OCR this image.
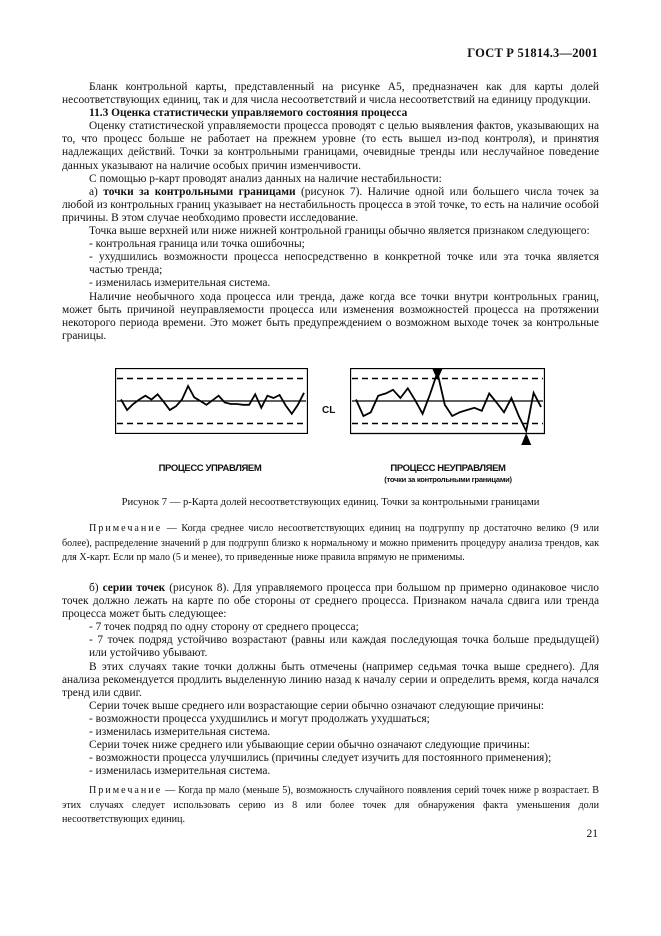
ГОСТ Р 51814.3—2001

Бланк контрольной карты, представленный на рисунке А5, предназначен как для карты долей несоответствующих единиц, так и для числа несоответствий и числа несоответствий на единицу продукции.

11.3 Оценка статистически управляемого состояния процесса

Оценку статистической управляемости процесса проводят с целью выявления фактов, указывающих на то, что процесс больше не работает на прежнем уровне (то есть вышел из-под контроля), и принятия надлежащих действий. Точки за контрольными границами, очевидные тренды или неслучайное поведение данных указывают на наличие особых причин изменчивости.

С помощью p-карт проводят анализ данных на наличие нестабильности:

а) точки за контрольными границами (рисунок 7). Наличие одной или большего числа точек за любой из контрольных границ указывает на нестабильность процесса в этой точке, то есть на наличие особой причины. В этом случае необходимо провести исследование.

Точка выше верхней или ниже нижней контрольной границы обычно является признаком следующего:

- контрольная граница или точка ошибочны;

- ухудшились возможности процесса непосредственно в конкретной точке или эта точка является частью тренда;

- изменилась измерительная система.

Наличие необычного хода процесса или тренда, даже когда все точки внутри контрольных границ, может быть причиной неуправляемости процесса или изменения возможностей процесса на протяжении некоторого периода времени. Это может быть предупреждением о возможном выходе точек за контрольные границы.

CL
ПРОЦЕСС УПРАВЛЯЕМ	ПРОЦЕСС НЕУПРАВЛЯЕМ
(точки за контрольными границами)
Рисунок 7 — p-Карта долей несоответствующих единиц. Точки за контрольными границами

Примечание — Когда среднее число несоответствующих единиц на подгруппу np достаточно велико (9 или более), распределение значений p для подгрупп близко к нормальному и можно применить процедуру анализа трендов, как для X-карт. Если np мало (5 и менее), то приведенные ниже правила впрямую не применимы.

б) серии точек (рисунок 8). Для управляемого процесса при большом np примерно одинаковое число точек должно лежать на карте по обе стороны от среднего процесса. Признаком начала сдвига или тренда процесса может быть следующее:

- 7 точек подряд по одну сторону от среднего процесса;

- 7 точек подряд устойчиво возрастают (равны или каждая последующая точка больше предыдущей) или устойчиво убывают.

В этих случаях такие точки должны быть отмечены (например седьмая точка выше среднего). Для анализа рекомендуется продлить выделенную линию назад к началу серии и определить время, когда начался тренд или сдвиг.

Серии точек выше среднего или возрастающие серии обычно означают следующие причины:

- возможности процесса ухудшились и могут продолжать ухудшаться;

- изменилась измерительная система.

Серии точек ниже среднего или убывающие серии обычно означают следующие причины:

- возможности процесса улучшились (причины следует изучить для постоянного применения);

- изменилась измерительная система.

Примечание — Когда np мало (меньше 5), возможность случайного появления серий точек ниже p возрастает. В этих случаях следует использовать серию из 8 или более точек для обнаружения факта уменьшения доли несоответствующих единиц.

21
